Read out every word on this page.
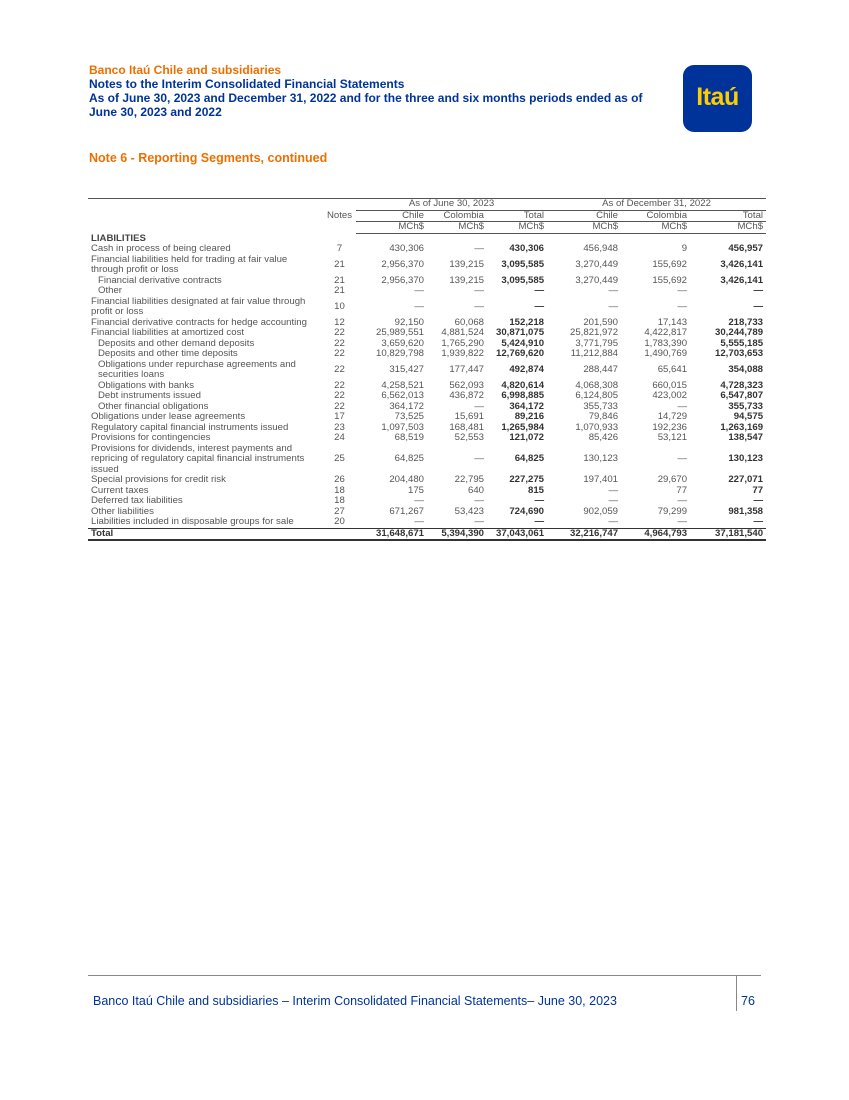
Banco Itaú Chile and subsidiaries
Notes to the Interim Consolidated Financial Statements
As of June 30, 2023 and December 31, 2022 and for the three and six months periods ended as of
June 30, 2023 and 2022
Itaú
Note 6 - Reporting Segments, continued
		As of June 30, 2023			As of December 31, 2022		
	Notes	Chile	Colombia	Total	Chile	Colombia	Total
		MCh$	MCh$	MCh$	MCh$	MCh$	MCh$
LIABILITIES							
Cash in process of being cleared	7	430,306	—	430,306	456,948	9	456,957
Financial liabilities held for trading at fair value through profit or loss	21	2,956,370	139,215	3,095,585	3,270,449	155,692	3,426,141
Financial derivative contracts	21	2,956,370	139,215	3,095,585	3,270,449	155,692	3,426,141
Other	21	—	—	—	—	—	—
Financial liabilities designated at fair value through profit or loss	10	—	—	—	—	—	—
Financial derivative contracts for hedge accounting	12	92,150	60,068	152,218	201,590	17,143	218,733
Financial liabilities at amortized cost	22	25,989,551	4,881,524	30,871,075	25,821,972	4,422,817	30,244,789
Deposits and other demand deposits	22	3,659,620	1,765,290	5,424,910	3,771,795	1,783,390	5,555,185
Deposits and other time deposits	22	10,829,798	1,939,822	12,769,620	11,212,884	1,490,769	12,703,653
Obligations under repurchase agreements and securities loans	22	315,427	177,447	492,874	288,447	65,641	354,088
Obligations with banks	22	4,258,521	562,093	4,820,614	4,068,308	660,015	4,728,323
Debt instruments issued	22	6,562,013	436,872	6,998,885	6,124,805	423,002	6,547,807
Other financial obligations	22	364,172	—	364,172	355,733	—	355,733
Obligations under lease agreements	17	73,525	15,691	89,216	79,846	14,729	94,575
Regulatory capital financial instruments issued	23	1,097,503	168,481	1,265,984	1,070,933	192,236	1,263,169
Provisions for contingencies	24	68,519	52,553	121,072	85,426	53,121	138,547
Provisions for dividends, interest payments and repricing of regulatory capital financial instruments issued	25	64,825	—	64,825	130,123	—	130,123
Special provisions for credit risk	26	204,480	22,795	227,275	197,401	29,670	227,071
Current taxes	18	175	640	815	—	77	77
Deferred tax liabilities	18	—	—	—	—	—	—
Other liabilities	27	671,267	53,423	724,690	902,059	79,299	981,358
Liabilities included in disposable groups for sale	20	—	—	—	—	—	—
Total		31,648,671	5,394,390	37,043,061	32,216,747	4,964,793	37,181,540
Banco Itaú Chile and subsidiaries – Interim Consolidated Financial Statements– June 30, 2023	76
